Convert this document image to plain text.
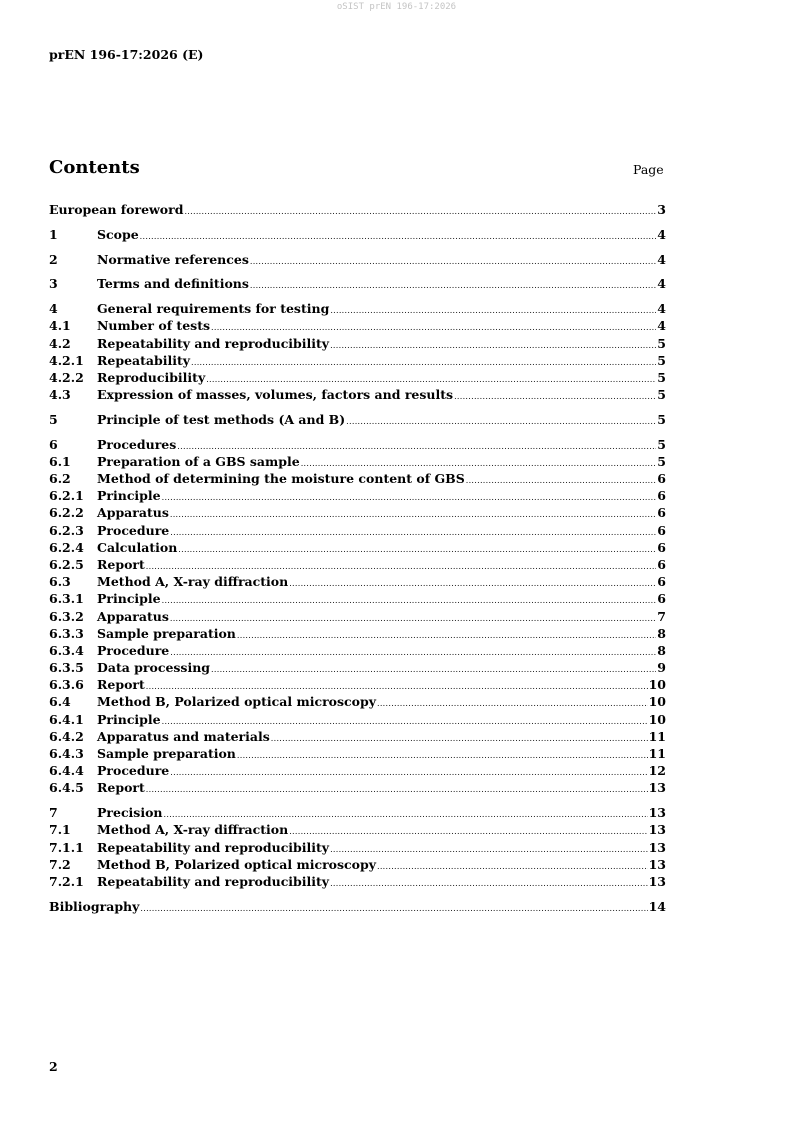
oSIST prEN 196-17:2026
prEN 196-17:2026 (E)
Contents	Page
European foreword .....	3
1	Scope .....	4
2	Normative references .....	4
3	Terms and definitions .....	4
4	General requirements for testing .....	4
4.1	Number of tests .....	4
4.2	Repeatability and reproducibility .....	5
4.2.1	Repeatability .....	5
4.2.2	Reproducibility .....	5
4.3	Expression of masses, volumes, factors and results .....	5
5	Principle of test methods (A and B) .....	5
6	Procedures .....	5
6.1	Preparation of a GBS sample .....	5
6.2	Method of determining the moisture content of GBS .....	6
6.2.1	Principle .....	6
6.2.2	Apparatus .....	6
6.2.3	Procedure .....	6
6.2.4	Calculation .....	6
6.2.5	Report .....	6
6.3	Method A, X-ray diffraction .....	6
6.3.1	Principle .....	6
6.3.2	Apparatus .....	7
6.3.3	Sample preparation .....	8
6.3.4	Procedure .....	8
6.3.5	Data processing .....	9
6.3.6	Report .....	10
6.4	Method B, Polarized optical microscopy .....	10
6.4.1	Principle .....	10
6.4.2	Apparatus and materials .....	11
6.4.3	Sample preparation .....	11
6.4.4	Procedure .....	12
6.4.5	Report .....	13
7	Precision .....	13
7.1	Method A, X-ray diffraction .....	13
7.1.1	Repeatability and reproducibility .....	13
7.2	Method B, Polarized optical microscopy .....	13
7.2.1	Repeatability and reproducibility .....	13
Bibliography .....	14
2
